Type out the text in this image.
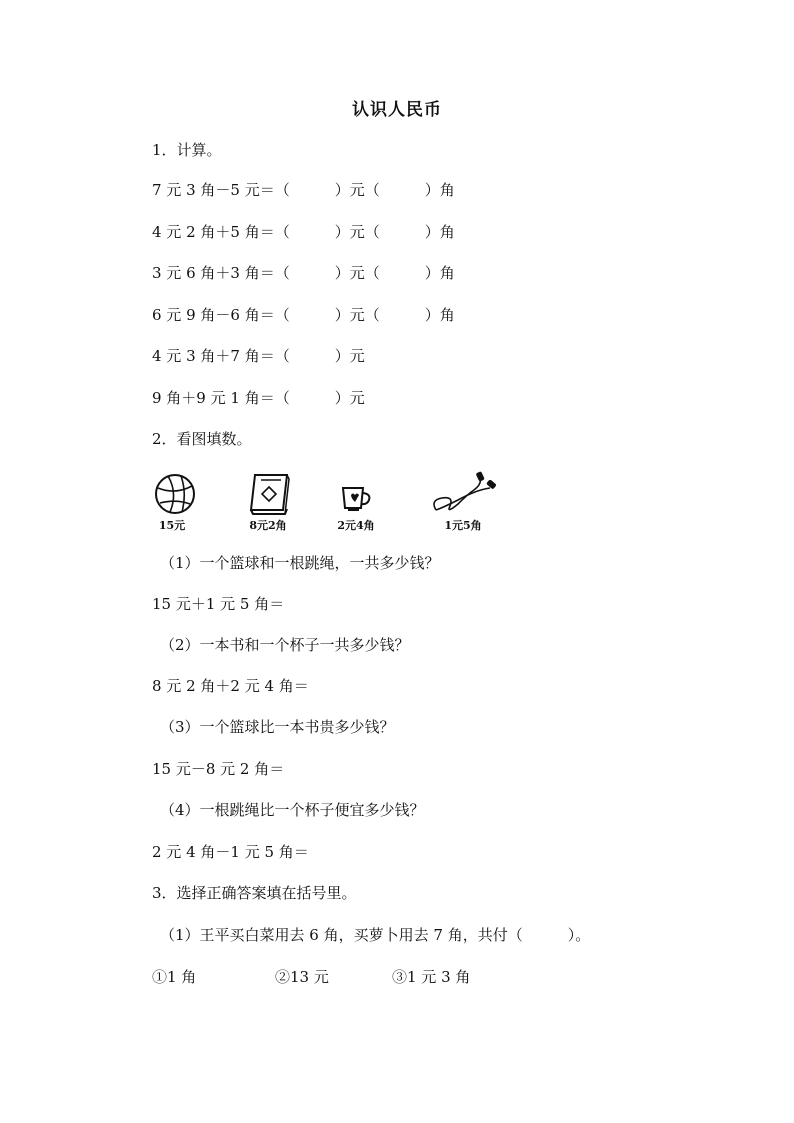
认识人民币
1．计算。
7 元 3 角－5 元＝（　　　）元（　　　）角
4 元 2 角＋5 角＝（　　　）元（　　　）角
3 元 6 角＋3 角＝（　　　）元（　　　）角
6 元 9 角－6 角＝（　　　）元（　　　）角
4 元 3 角＋7 角＝（　　　）元
9 角＋9 元 1 角＝（　　　）元
2．看图填数。
15元	8元2角	2元4角	1元5角
（1）一个篮球和一根跳绳，一共多少钱？
15 元＋1 元 5 角＝
（2）一本书和一个杯子一共多少钱？
8 元 2 角＋2 元 4 角＝
（3）一个篮球比一本书贵多少钱？
15 元－8 元 2 角＝
（4）一根跳绳比一个杯子便宜多少钱？
2 元 4 角－1 元 5 角＝
3．选择正确答案填在括号里。
（1）王平买白菜用去 6 角，买萝卜用去 7 角，共付（　　　）。
①1 角	②13 元	③1 元 3 角
